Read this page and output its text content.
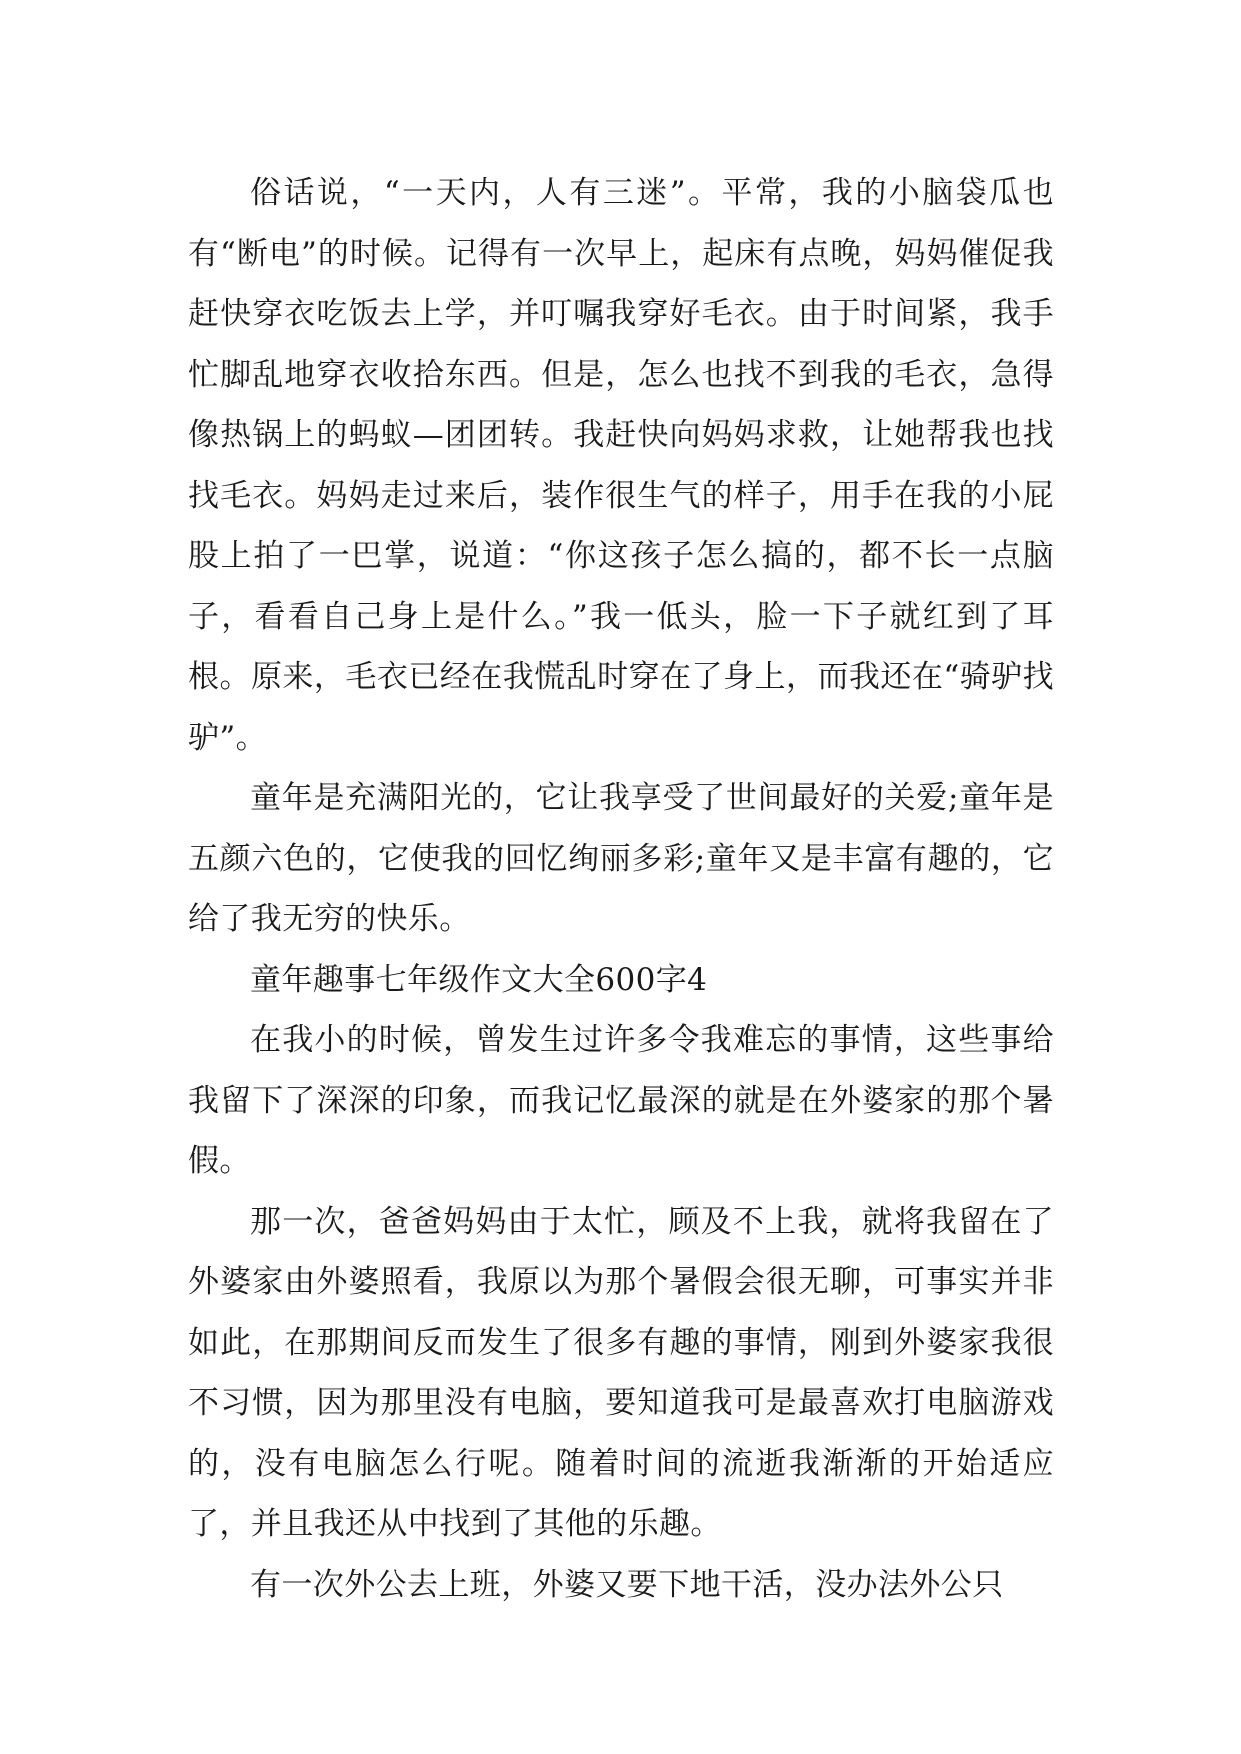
俗话说，“一天内，人有三迷”。平常，我的小脑袋瓜也有“断电”的时候。记得有一次早上，起床有点晚，妈妈催促我赶快穿衣吃饭去上学，并叮嘱我穿好毛衣。由于时间紧，我手忙脚乱地穿衣收拾东西。但是，怎么也找不到我的毛衣，急得像热锅上的蚂蚁—团团转。我赶快向妈妈求救，让她帮我也找找毛衣。妈妈走过来后，装作很生气的样子，用手在我的小屁股上拍了一巴掌，说道：“你这孩子怎么搞的，都不长一点脑子，看看自己身上是什么。”我一低头，脸一下子就红到了耳根。原来，毛衣已经在我慌乱时穿在了身上，而我还在“骑驴找驴”。

童年是充满阳光的，它让我享受了世间最好的关爱;童年是五颜六色的，它使我的回忆绚丽多彩;童年又是丰富有趣的，它给了我无穷的快乐。

童年趣事七年级作文大全600字4

在我小的时候，曾发生过许多令我难忘的事情，这些事给我留下了深深的印象，而我记忆最深的就是在外婆家的那个暑假。

那一次，爸爸妈妈由于太忙，顾及不上我，就将我留在了外婆家由外婆照看，我原以为那个暑假会很无聊，可事实并非如此，在那期间反而发生了很多有趣的事情，刚到外婆家我很不习惯，因为那里没有电脑，要知道我可是最喜欢打电脑游戏的，没有电脑怎么行呢。随着时间的流逝我渐渐的开始适应了，并且我还从中找到了其他的乐趣。

有一次外公去上班，外婆又要下地干活，没办法外公只
